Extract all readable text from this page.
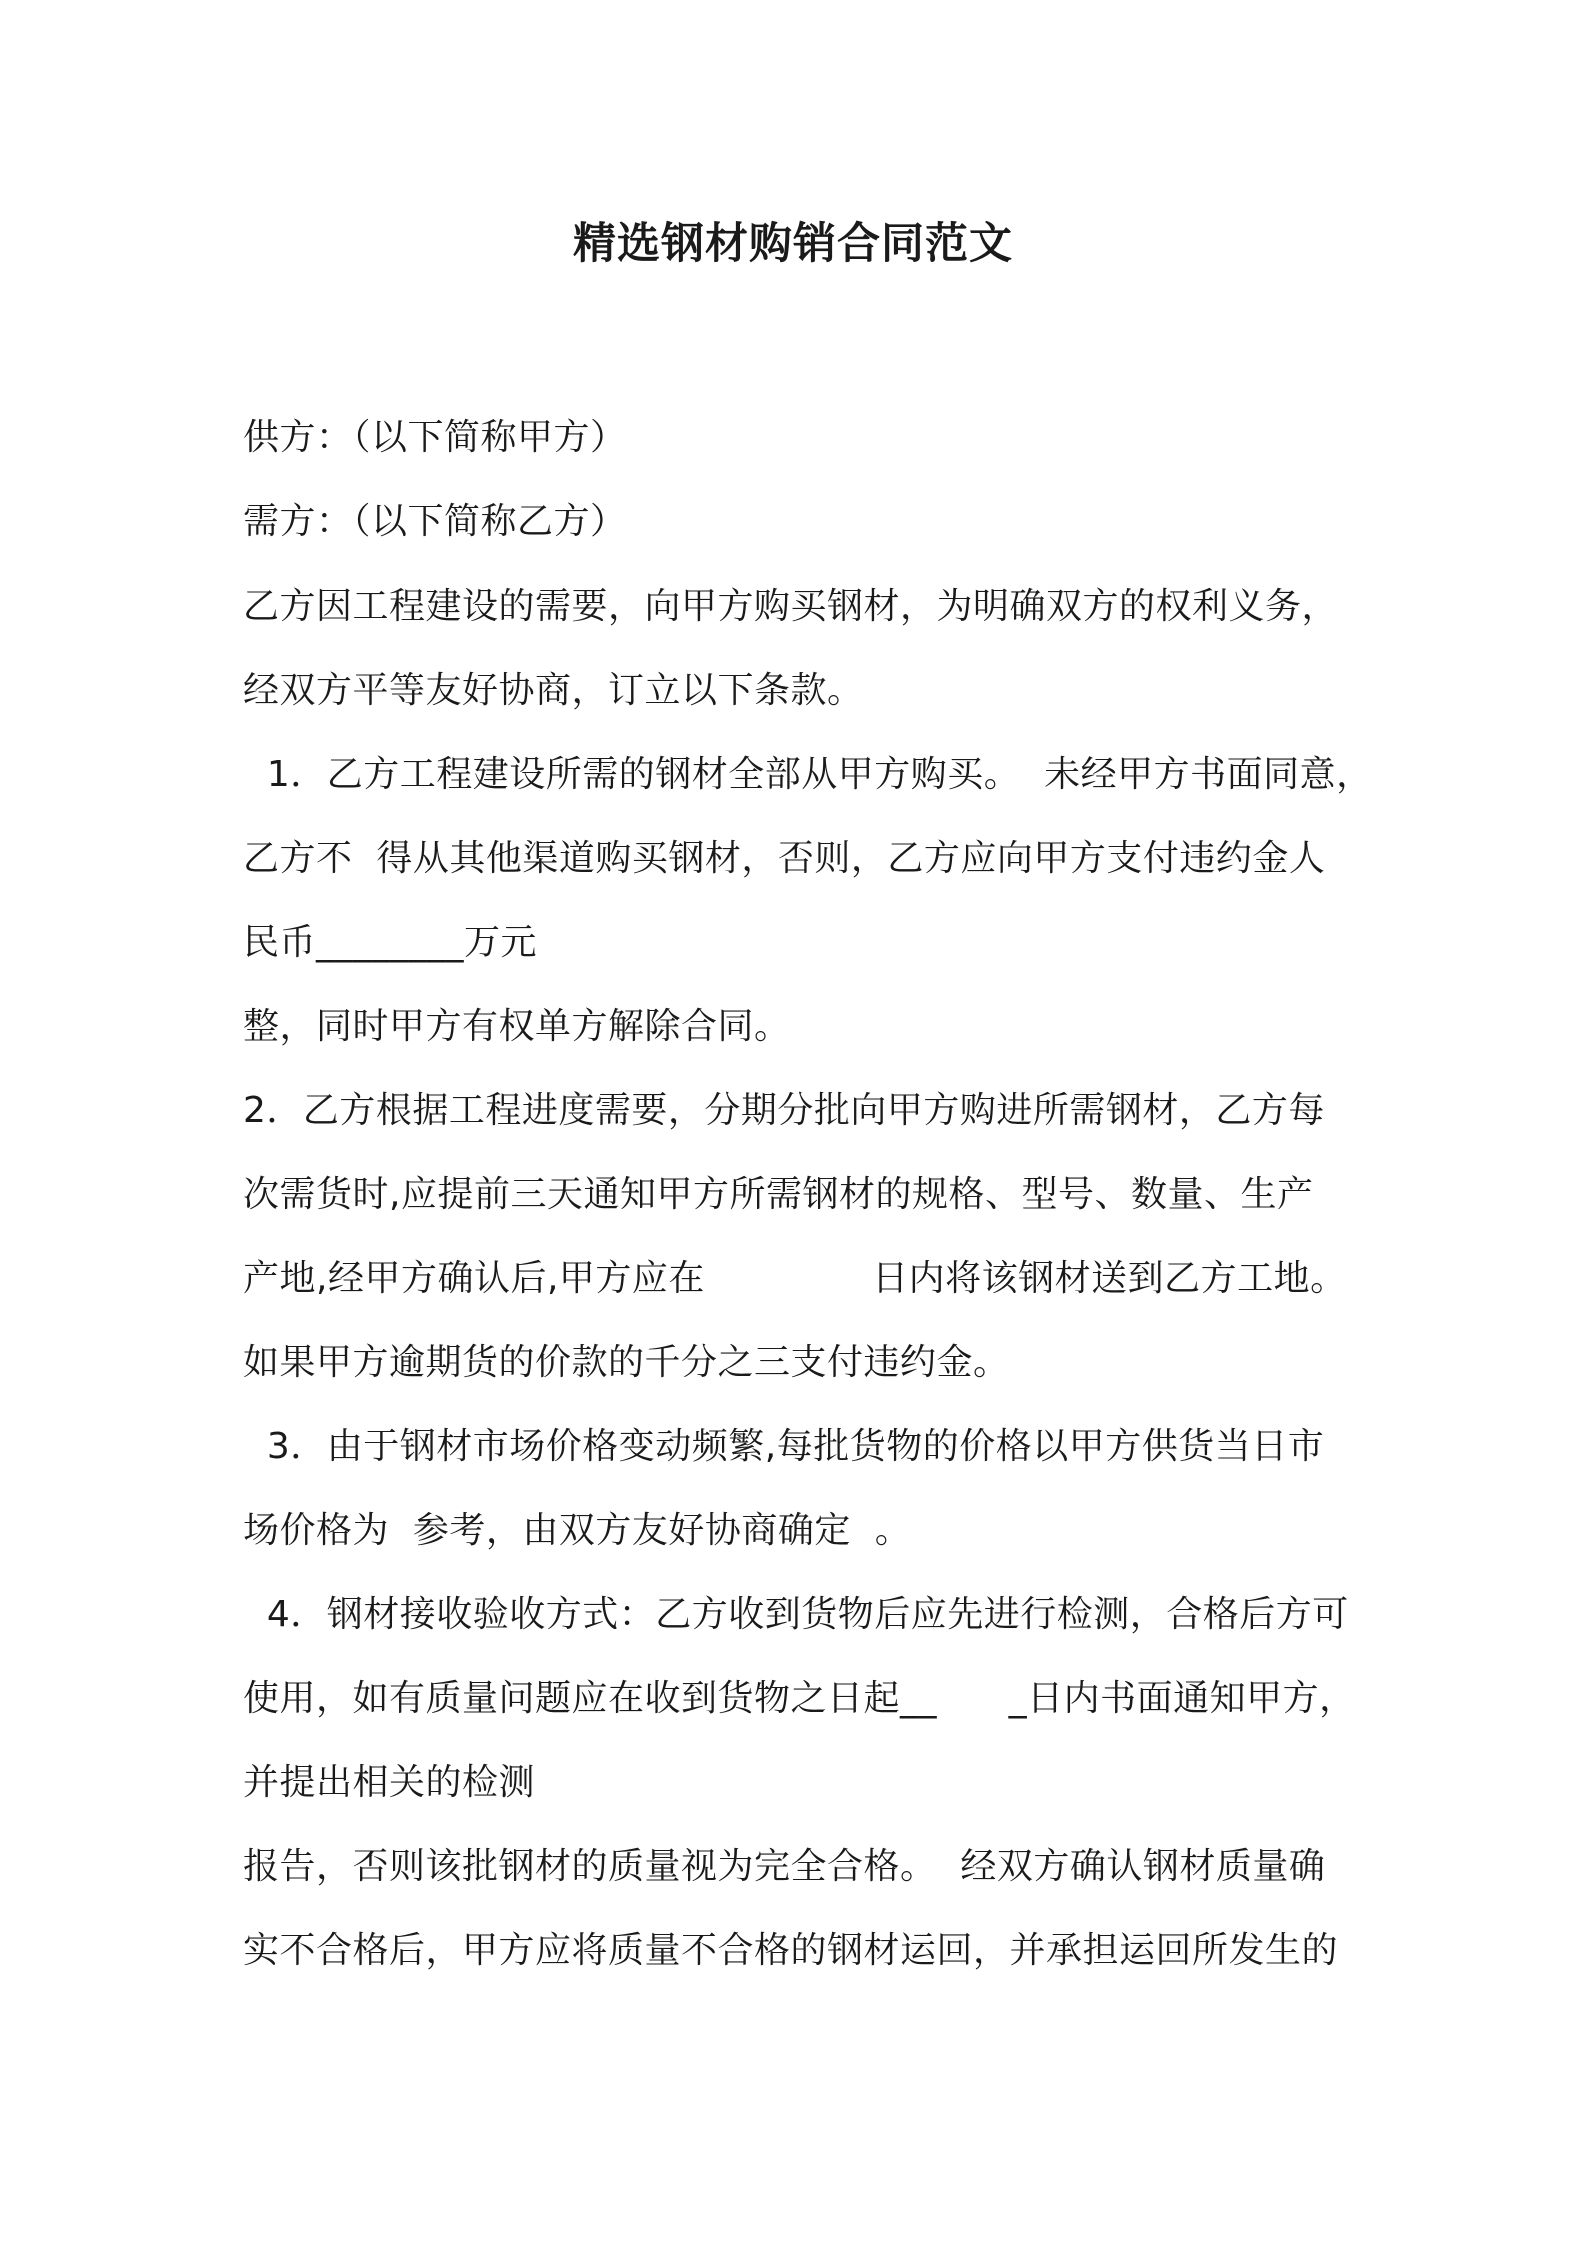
精选钢材购销合同范文
供方：（以下简称甲方）
需方：（以下简称乙方）
乙方因工程建设的需要，向甲方购买钢材，为明确双方的权利义务，
经双方平等友好协商，订立以下条款。
1．乙方工程建设所需的钢材全部从甲方购买。  未经甲方书面同意，
乙方不  得从其他渠道购买钢材，否则，乙方应向甲方支付违约金人
民币________万元
整，同时甲方有权单方解除合同。
2．乙方根据工程进度需要，分期分批向甲方购进所需钢材，乙方每
次需货时,应提前三天通知甲方所需钢材的规格、型号、数量、生产
产地,经甲方确认后,甲方应在              日内将该钢材送到乙方工地。
如果甲方逾期货的价款的千分之三支付违约金。
3．由于钢材市场价格变动频繁,每批货物的价格以甲方供货当日市
场价格为  参考，由双方友好协商确定  。
4．钢材接收验收方式：乙方收到货物后应先进行检测，合格后方可
使用，如有质量问题应在收到货物之日起__      _日内书面通知甲方，
并提出相关的检测
报告，否则该批钢材的质量视为完全合格。  经双方确认钢材质量确
实不合格后，甲方应将质量不合格的钢材运回，并承担运回所发生的
